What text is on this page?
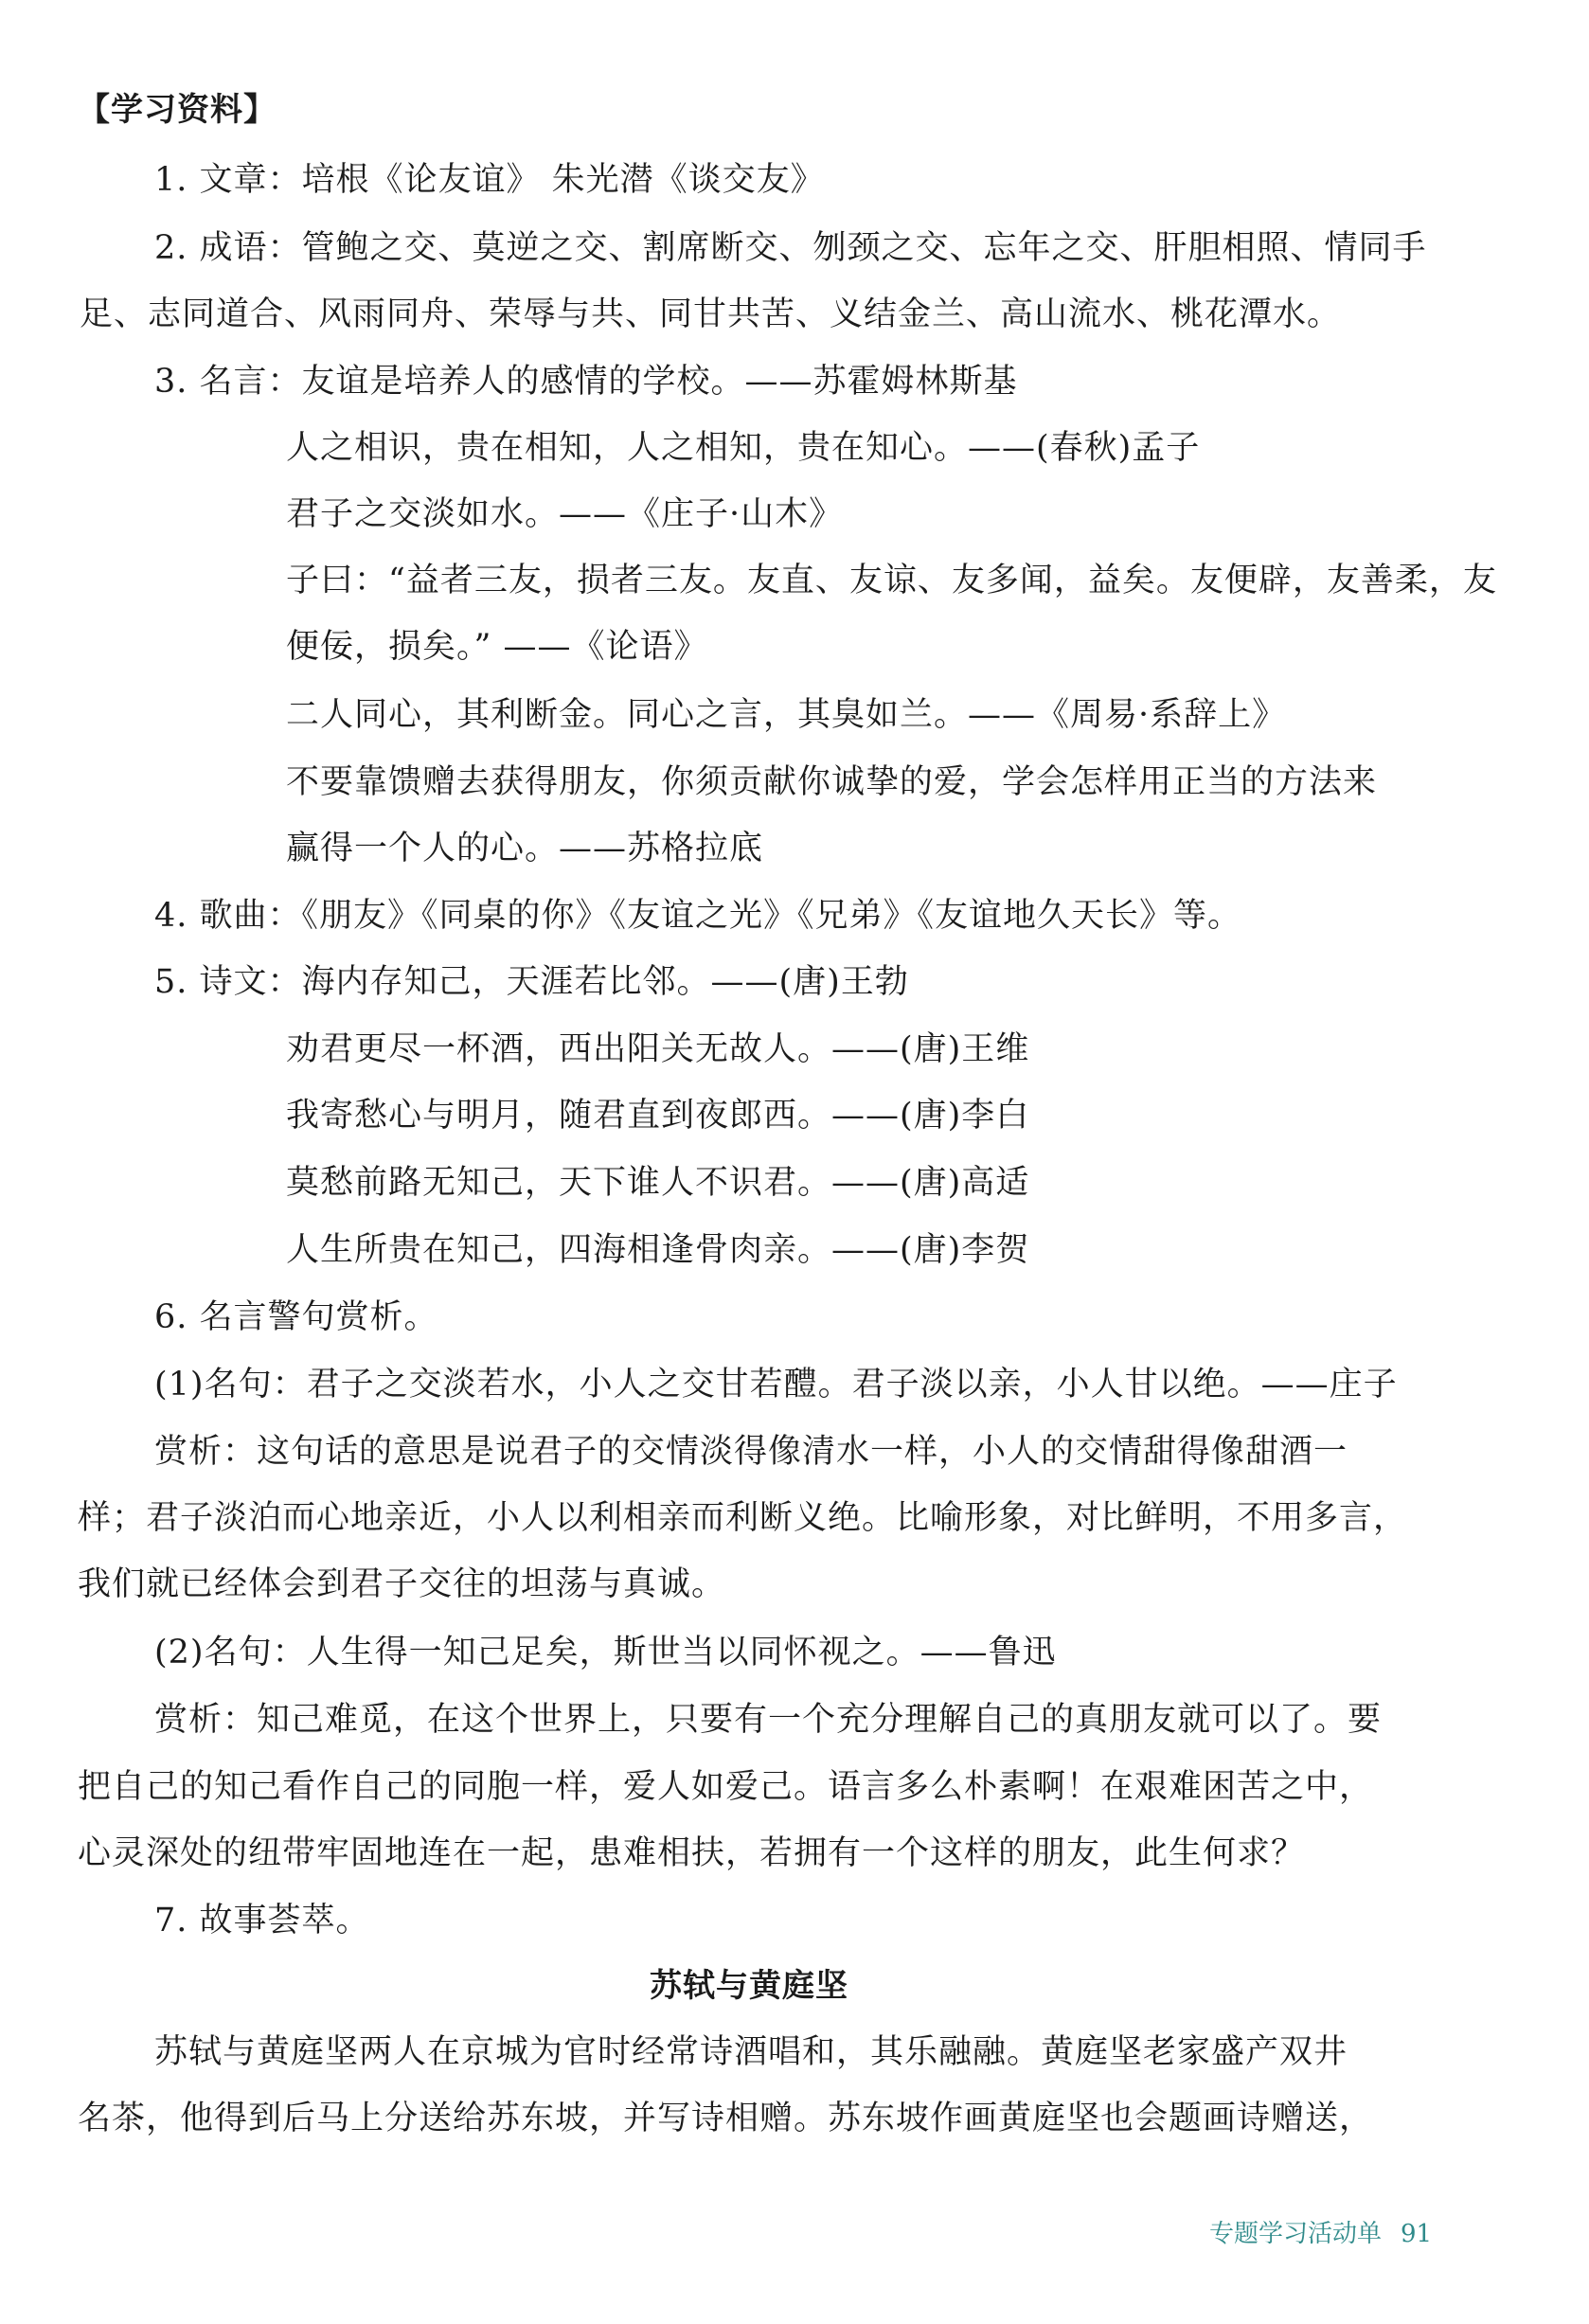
【学习资料】
1. 文章：培根《论友谊》 朱光潜《谈交友》
2. 成语：管鲍之交、莫逆之交、割席断交、刎颈之交、忘年之交、肝胆相照、情同手
足、志同道合、风雨同舟、荣辱与共、同甘共苦、义结金兰、高山流水、桃花潭水。
3. 名言：友谊是培养人的感情的学校。——苏霍姆林斯基
人之相识，贵在相知，人之相知，贵在知心。——(春秋)孟子
君子之交淡如水。——《庄子·山木》
子曰：“益者三友，损者三友。友直、友谅、友多闻，益矣。友便辟，友善柔，友
便佞，损矣。” ——《论语》
二人同心，其利断金。同心之言，其臭如兰。——《周易·系辞上》
不要靠馈赠去获得朋友，你须贡献你诚挚的爱，学会怎样用正当的方法来
赢得一个人的心。——苏格拉底
4. 歌曲：《朋友》《同桌的你》《友谊之光》《兄弟》《友谊地久天长》等。
5. 诗文：海内存知己，天涯若比邻。——(唐)王勃
劝君更尽一杯酒，西出阳关无故人。——(唐)王维
我寄愁心与明月，随君直到夜郎西。——(唐)李白
莫愁前路无知己，天下谁人不识君。——(唐)高适
人生所贵在知己，四海相逢骨肉亲。——(唐)李贺
6. 名言警句赏析。
(1)名句：君子之交淡若水，小人之交甘若醴。君子淡以亲，小人甘以绝。——庄子
赏析：这句话的意思是说君子的交情淡得像清水一样，小人的交情甜得像甜酒一
样；君子淡泊而心地亲近，小人以利相亲而利断义绝。比喻形象，对比鲜明，不用多言，
我们就已经体会到君子交往的坦荡与真诚。
(2)名句：人生得一知己足矣，斯世当以同怀视之。——鲁迅
赏析：知己难觅，在这个世界上，只要有一个充分理解自己的真朋友就可以了。要
把自己的知己看作自己的同胞一样，爱人如爱己。语言多么朴素啊！在艰难困苦之中，
心灵深处的纽带牢固地连在一起，患难相扶，若拥有一个这样的朋友，此生何求？
7. 故事荟萃。
苏轼与黄庭坚
苏轼与黄庭坚两人在京城为官时经常诗酒唱和，其乐融融。黄庭坚老家盛产双井
名茶，他得到后马上分送给苏东坡，并写诗相赠。苏东坡作画黄庭坚也会题画诗赠送，
专题学习活动单 91
